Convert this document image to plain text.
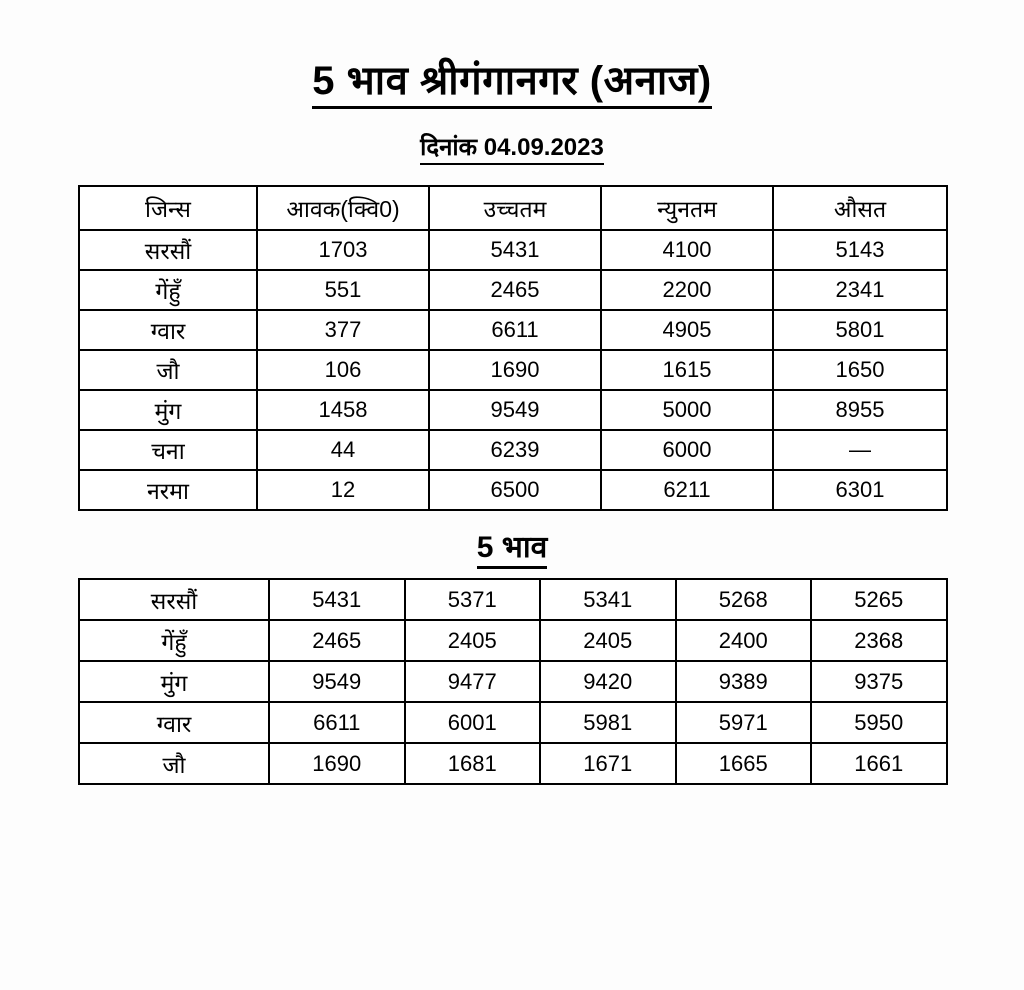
5 भाव श्रीगंगानगर (अनाज)
दिनांक 04.09.2023
जिन्स	आवक(क्वि0)	उच्चतम	न्युनतम	औसत
सरसौं	1703	5431	4100	5143
गेंहुँ	551	2465	2200	2341
ग्वार	377	6611	4905	5801
जौ	106	1690	1615	1650
मुंग	1458	9549	5000	8955
चना	44	6239	6000	—
नरमा	12	6500	6211	6301
5 भाव
सरसौं	5431	5371	5341	5268	5265
गेंहुँ	2465	2405	2405	2400	2368
मुंग	9549	9477	9420	9389	9375
ग्वार	6611	6001	5981	5971	5950
जौ	1690	1681	1671	1665	1661
